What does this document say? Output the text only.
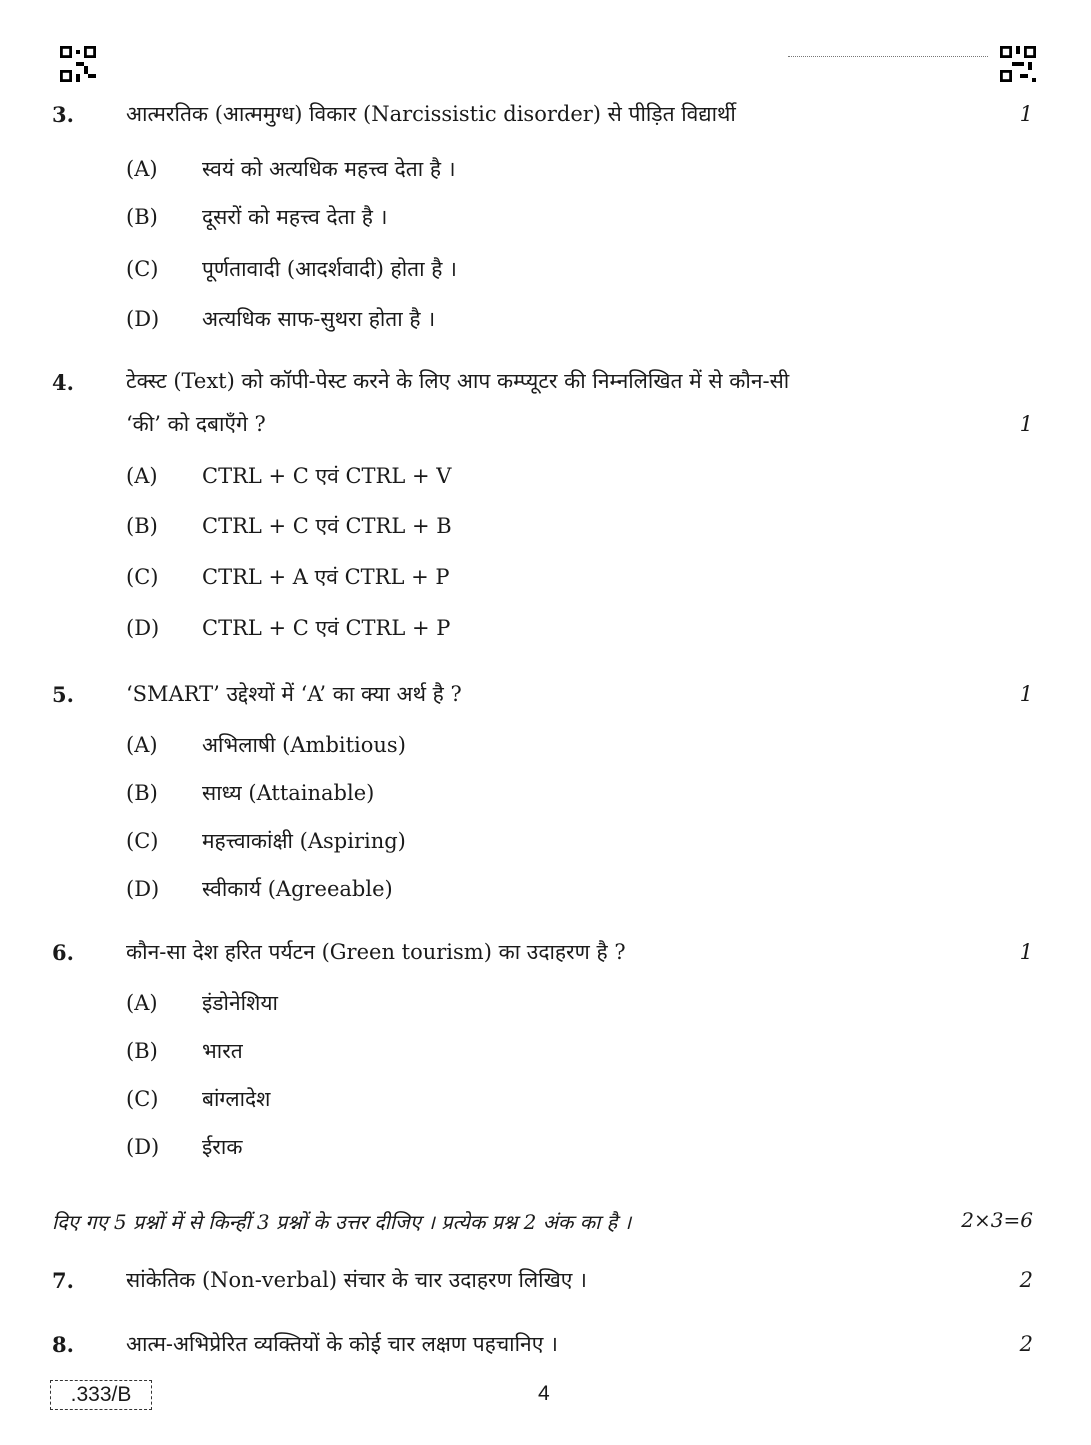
3. आत्मरतिक (आत्ममुग्ध) विकार (Narcissistic disorder) से पीड़ित विद्यार्थी	1
(A) स्वयं को अत्यधिक महत्त्व देता है ।
(B) दूसरों को महत्त्व देता है ।
(C) पूर्णतावादी (आदर्शवादी) होता है ।
(D) अत्यधिक साफ-सुथरा होता है ।
4. टेक्स्ट (Text) को कॉपी-पेस्ट करने के लिए आप कम्प्यूटर की निम्नलिखित में से कौन-सी
‘की’ को दबाएँगे ?	1
(A) CTRL + C एवं CTRL + V
(B) CTRL + C एवं CTRL + B
(C) CTRL + A एवं CTRL + P
(D) CTRL + C एवं CTRL + P
5. ‘SMART’ उद्देश्यों में ‘A’ का क्या अर्थ है ?	1
(A) अभिलाषी (Ambitious)
(B) साध्य (Attainable)
(C) महत्त्वाकांक्षी (Aspiring)
(D) स्वीकार्य (Agreeable)
6. कौन-सा देश हरित पर्यटन (Green tourism) का उदाहरण है ?	1
(A) इंडोनेशिया
(B) भारत
(C) बांग्लादेश
(D) ईराक
दिए गए 5 प्रश्नों में से किन्हीं 3 प्रश्नों के उत्तर दीजिए । प्रत्येक प्रश्न 2 अंक का है ।	2×3=6
7. सांकेतिक (Non-verbal) संचार के चार उदाहरण लिखिए ।	2
8. आत्म-अभिप्रेरित व्यक्तियों के कोई चार लक्षण पहचानिए ।	2
.333/B	4
